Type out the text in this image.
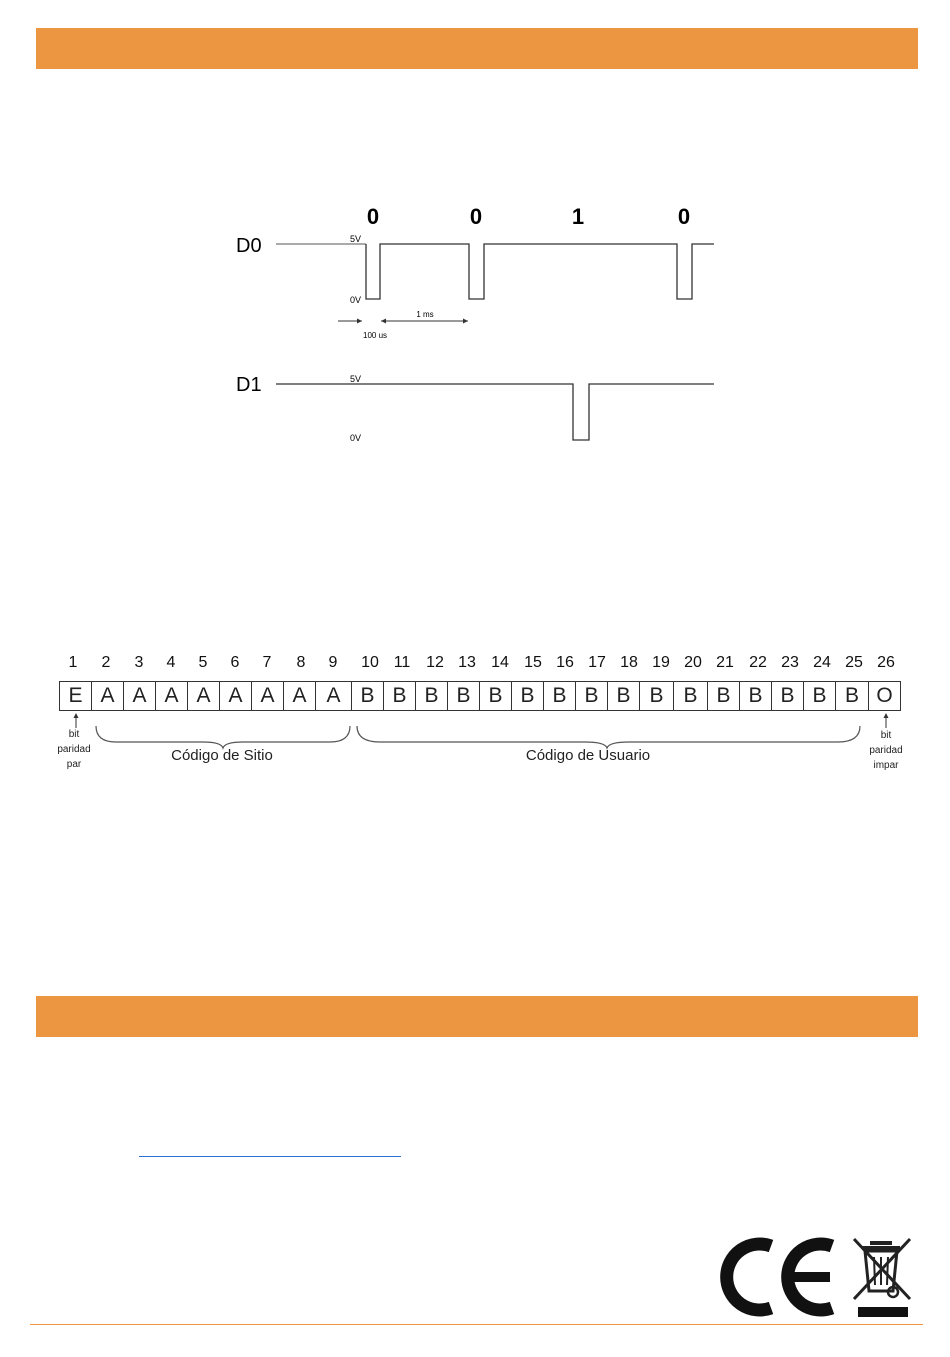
0	0	1	0
D0	5V
0V
100 us
1 ms
D1	5V
0V
1	2	3	4	5	6	7	8	9	10 11 12 13 14 15 16 17 18 19 20 21 22 23 24 25 26
E A A A A A A A A B B B B B B B B B B B B B B B B O
bit
paridad
par
bit
paridad
impar
Código de Sitio	Código de Usuario
